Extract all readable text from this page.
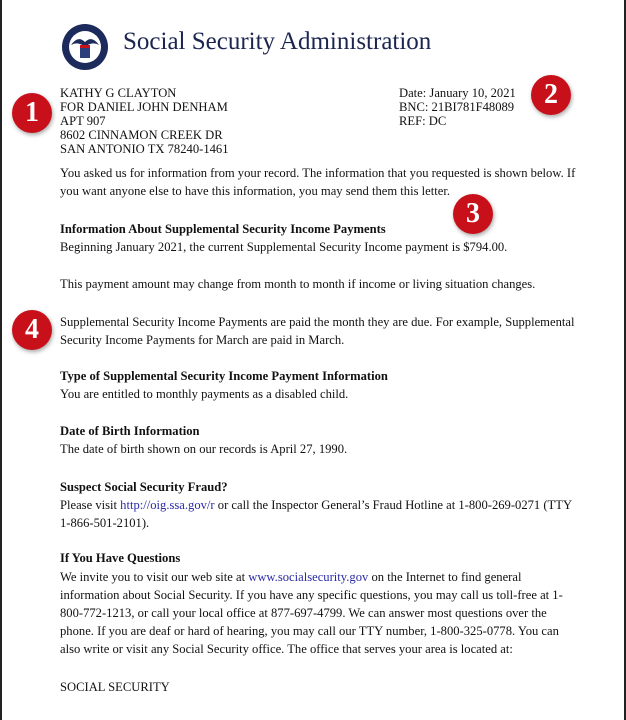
Social Security Administration
KATHY G CLAYTON
FOR DANIEL JOHN DENHAM
APT 907
8602 CINNAMON CREEK DR
SAN ANTONIO TX 78240-1461
Date: January 10, 2021
BNC: 21BI781F48089
REF: DC
You asked us for information from your record. The information that you requested is shown below. If
you want anyone else to have this information, you may send them this letter.
Information About Supplemental Security Income Payments
Beginning January 2021, the current Supplemental Security Income payment is $794.00.
This payment amount may change from month to month if income or living situation changes.
Supplemental Security Income Payments are paid the month they are due. For example, Supplemental
Security Income Payments for March are paid in March.
Type of Supplemental Security Income Payment Information
You are entitled to monthly payments as a disabled child.
Date of Birth Information
The date of birth shown on our records is April 27, 1990.
Suspect Social Security Fraud?
Please visit http://oig.ssa.gov/r or call the Inspector General’s Fraud Hotline at 1-800-269-0271 (TTY
1-866-501-2101).
If You Have Questions
We invite you to visit our web site at www.socialsecurity.gov on the Internet to find general
information about Social Security. If you have any specific questions, you may call us toll-free at 1-
800-772-1213, or call your local office at 877-697-4799. We can answer most questions over the
phone. If you are deaf or hard of hearing, you may call our TTY number, 1-800-325-0778. You can
also write or visit any Social Security office. The office that serves your area is located at:
SOCIAL SECURITY
1
2
3
4
